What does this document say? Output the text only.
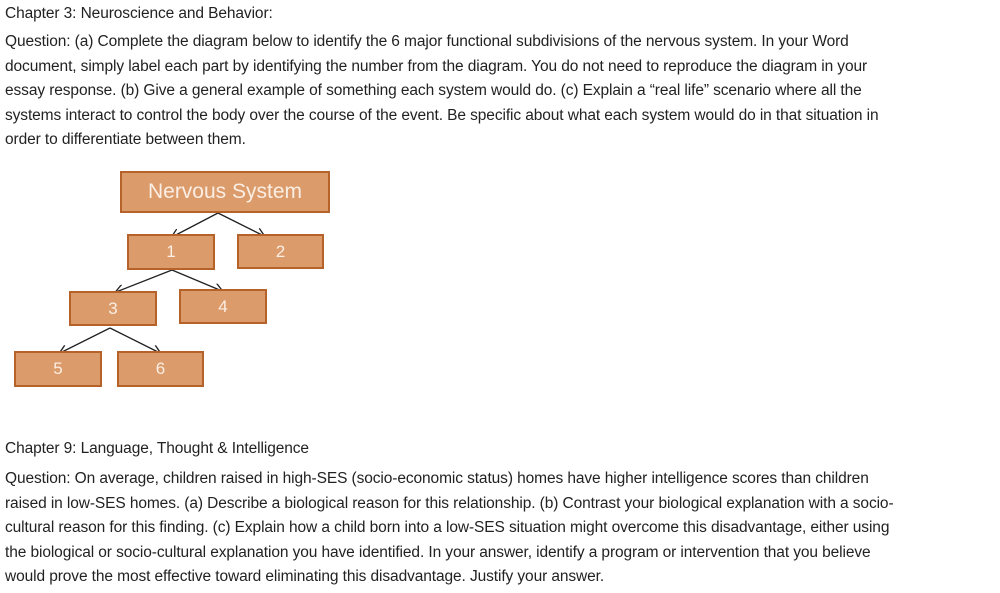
Chapter 3: Neuroscience and Behavior:
Question: (a) Complete the diagram below to identify the 6 major functional subdivisions of the nervous system. In your Word
document, simply label each part by identifying the number from the diagram. You do not need to reproduce the diagram in your
essay response. (b) Give a general example of something each system would do. (c) Explain a “real life” scenario where all the
systems interact to control the body over the course of the event. Be specific about what each system would do in that situation in
order to differentiate between them.
Nervous System
1	2
3	4
5	6
Chapter 9: Language, Thought & Intelligence
Question: On average, children raised in high-SES (socio-economic status) homes have higher intelligence scores than children
raised in low-SES homes. (a) Describe a biological reason for this relationship. (b) Contrast your biological explanation with a socio-
cultural reason for this finding. (c) Explain how a child born into a low-SES situation might overcome this disadvantage, either using
the biological or socio-cultural explanation you have identified. In your answer, identify a program or intervention that you believe
would prove the most effective toward eliminating this disadvantage. Justify your answer.
